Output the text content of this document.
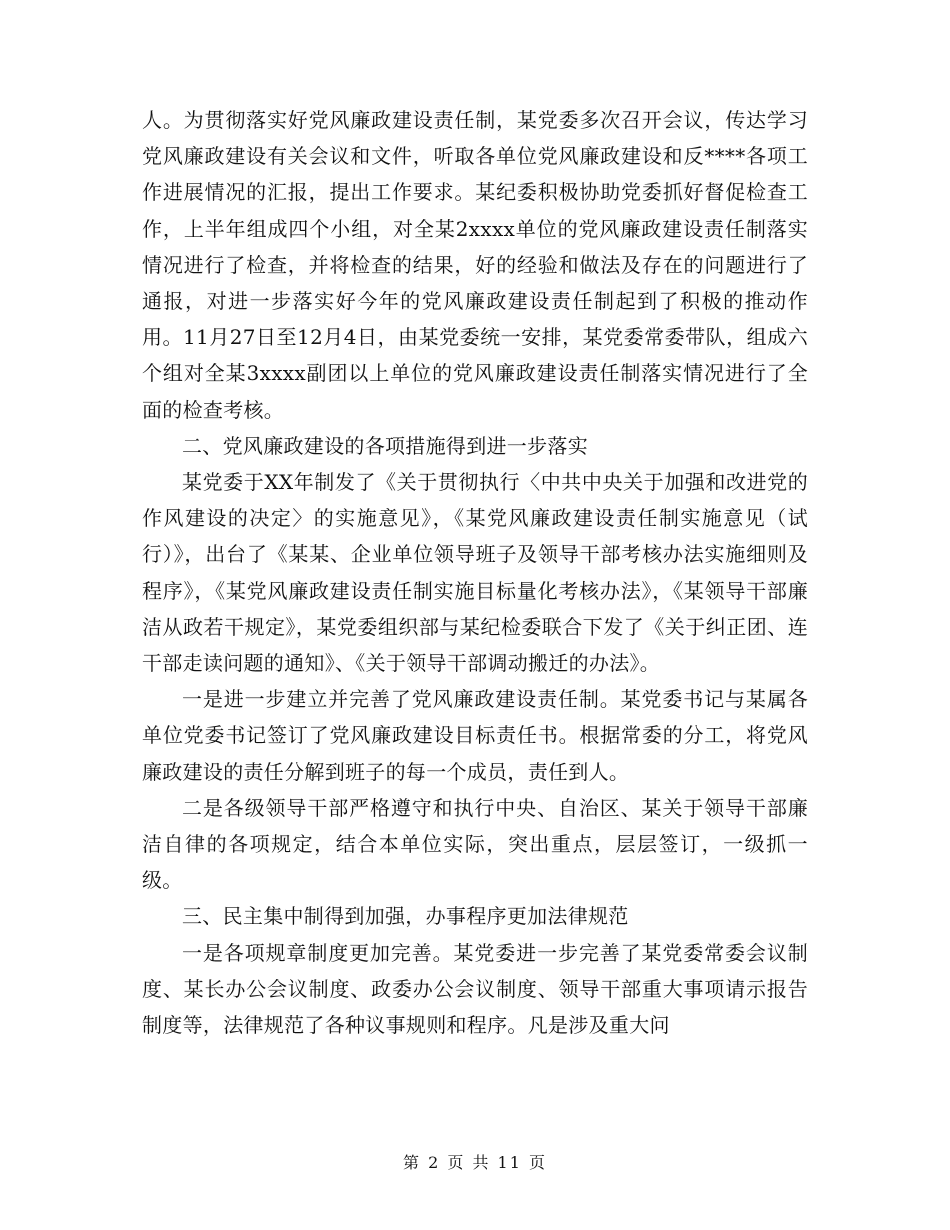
人。为贯彻落实好党风廉政建设责任制，某党委多次召开会议，传达学习党风廉政建设有关会议和文件，听取各单位党风廉政建设和反****各项工作进展情况的汇报，提出工作要求。某纪委积极协助党委抓好督促检查工作，上半年组成四个小组，对全某2xxxx单位的党风廉政建设责任制落实情况进行了检查，并将检查的结果，好的经验和做法及存在的问题进行了通报，对进一步落实好今年的党风廉政建设责任制起到了积极的推动作用。11月27日至12月4日，由某党委统一安排，某党委常委带队，组成六个组对全某3xxxx副团以上单位的党风廉政建设责任制落实情况进行了全面的检查考核。

二、党风廉政建设的各项措施得到进一步落实

某党委于XX年制发了《关于贯彻执行〈中共中央关于加强和改进党的作风建设的决定〉的实施意见》，《某党风廉政建设责任制实施意见（试行）》，出台了《某某、企业单位领导班子及领导干部考核办法实施细则及程序》，《某党风廉政建设责任制实施目标量化考核办法》，《某领导干部廉洁从政若干规定》，某党委组织部与某纪检委联合下发了《关于纠正团、连干部走读问题的通知》、《关于领导干部调动搬迁的办法》。

一是进一步建立并完善了党风廉政建设责任制。某党委书记与某属各单位党委书记签订了党风廉政建设目标责任书。根据常委的分工，将党风廉政建设的责任分解到班子的每一个成员，责任到人。

二是各级领导干部严格遵守和执行中央、自治区、某关于领导干部廉洁自律的各项规定，结合本单位实际，突出重点，层层签订，一级抓一级。

三、民主集中制得到加强，办事程序更加法律规范

一是各项规章制度更加完善。某党委进一步完善了某党委常委会议制度、某长办公会议制度、政委办公会议制度、领导干部重大事项请示报告制度等，法律规范了各种议事规则和程序。凡是涉及重大问

第 2 页 共 11 页
